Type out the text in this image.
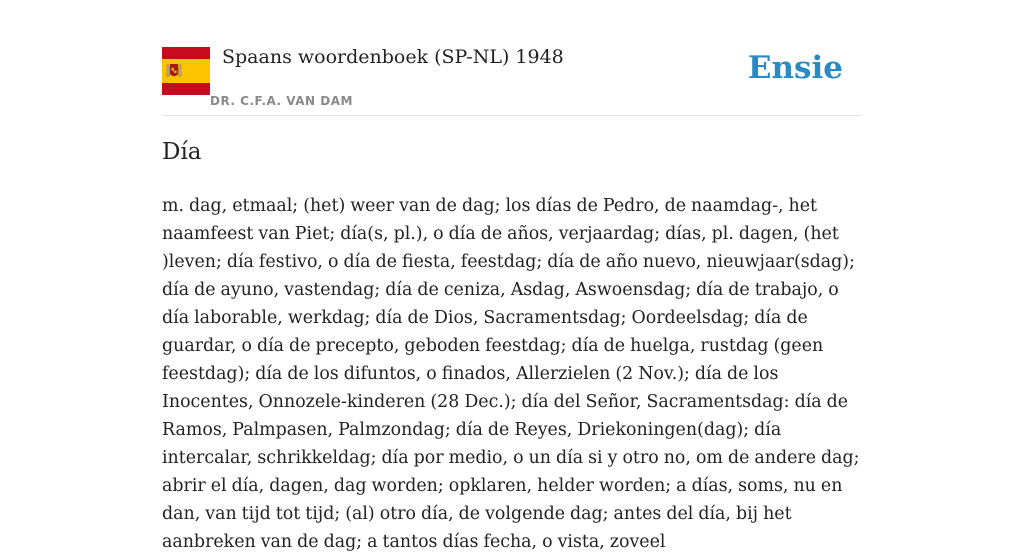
Spaans woordenboek (SP-NL) 1948
DR. C.F.A. VAN DAM
Ensie
Día

m. dag, etmaal; (het) weer van de dag; los días de Pedro, de naamdag-, het naamfeest van Piet; día(s, pl.), o día de años, verjaardag; días, pl. dagen, (het )leven; día festivo, o día de fiesta, feestdag; día de año nuevo, nieuwjaar(sdag); día de ayuno, vastendag; día de ceniza, Asdag, Aswoensdag; día de trabajo, o día laborable, werkdag; día de Dios, Sacramentsdag; Oordeelsdag; día de guardar, o día de precepto, geboden feestdag; día de huelga, rustdag (geen feestdag); día de los difuntos, o finados, Allerzielen (2 Nov.); día de los Inocentes, Onnozele-kinderen (28 Dec.); día del Señor, Sacramentsdag: día de Ramos, Palmpasen, Palmzondag; día de Reyes, Driekoningen(dag); día intercalar, schrikkeldag; día por medio, o un día si y otro no, om de andere dag; abrir el día, dagen, dag worden; opklaren, helder worden; a días, soms, nu en dan, van tijd tot tijd; (al) otro día, de volgende dag; antes del día, bij het aanbreken van de dag; a tantos días fecha, o vista, zoveel
